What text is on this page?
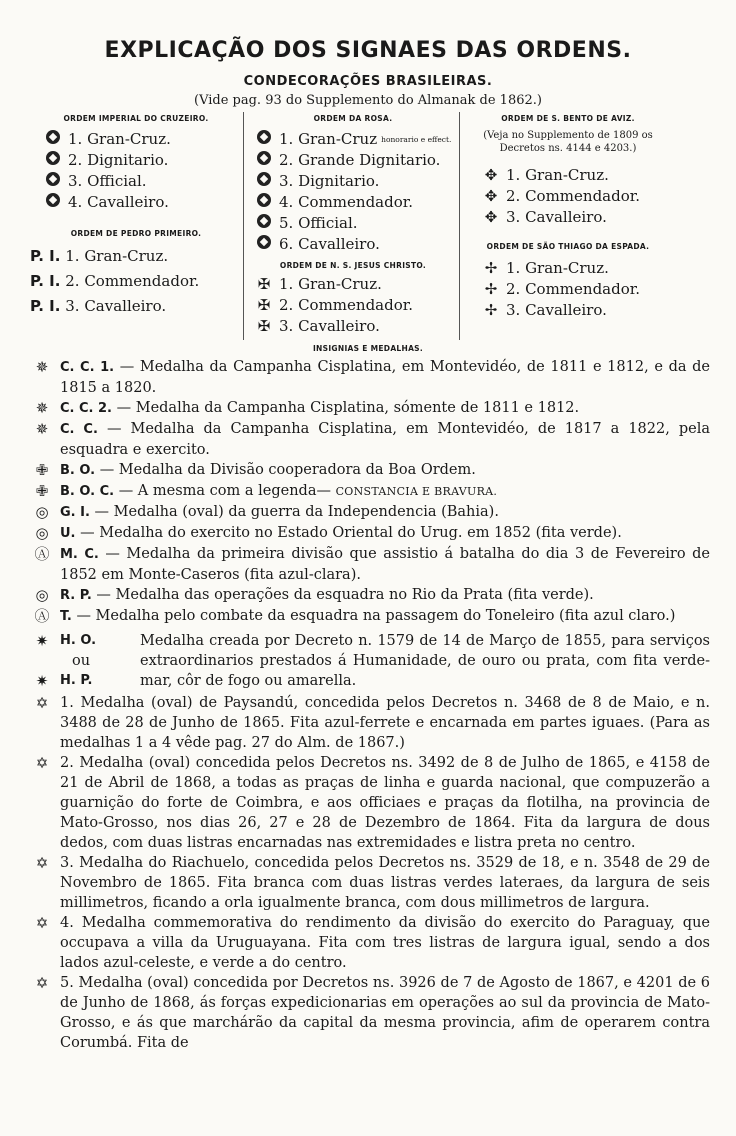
EXPLICAÇÃO DOS SIGNAES DAS ORDENS.
CONDECORAÇÕES BRASILEIRAS.
(Vide pag. 93 do Supplemento do Almanak de 1862.)
ORDEM IMPERIAL DO CRUZEIRO.
1. Gran-Cruz.
2. Dignitario.
3. Official.
4. Cavalleiro.
ORDEM DE PEDRO PRIMEIRO.
P. I. 1. Gran-Cruz.
P. I. 2. Commendador.
P. I. 3. Cavalleiro.
ORDEM DA ROSA.
1. Gran-Cruz honorario e effect.
2. Grande Dignitario.
3. Dignitario.
4. Commendador.
5. Official.
6. Cavalleiro.
ORDEM DE N. S. JESUS CHRISTO.
✠ 1. Gran-Cruz.
✠ 2. Commendador.
✠ 3. Cavalleiro.
ORDEM DE S. BENTO DE AVIZ.
(Veja no Supplemento de 1809 os Decretos ns. 4144 e 4203.)
✥ 1. Gran-Cruz.
✥ 2. Commendador.
✥ 3. Cavalleiro.
ORDEM DE SÃO THIAGO DA ESPADA.
✢ 1. Gran-Cruz.
✢ 2. Commendador.
✢ 3. Cavalleiro.
INSIGNIAS E MEDALHAS.
✵ C. C. 1. — Medalha da Campanha Cisplatina, em Montevidéo, de 1811 e 1812, e da de 1815 a 1820.
✵ C. C. 2. — Medalha da Campanha Cisplatina, sómente de 1811 e 1812.
✵ C. C. — Medalha da Campanha Cisplatina, em Montevidéo, de 1817 a 1822, pela esquadra e exercito.
✙ B. O. — Medalha da Divisão cooperadora da Boa Ordem.
✙ B. O. C. — A mesma com a legenda— CONSTANCIA E BRAVURA.
◎ G. I. — Medalha (oval) da guerra da Independencia (Bahia).
◎ U. — Medalha do exercito no Estado Oriental do Urug. em 1852 (fita verde).
Ⓐ M. C. — Medalha da primeira divisão que assistio á batalha do dia 3 de Fevereiro de 1852 em Monte-Caseros (fita azul-clara).
◎ R. P. — Medalha das operações da esquadra no Rio da Prata (fita verde).
Ⓐ T. — Medalha pelo combate da esquadra na passagem do Toneleiro (fita azul claro.)
✷
✷
H. O.
ou
H. P.
Medalha creada por Decreto n. 1579 de 14 de Março de 1855, para serviços extraordinarios prestados á Humanidade, de ouro ou prata, com fita verde-mar, côr de fogo ou amarella.
✡ 1. Medalha (oval) de Paysandú, concedida pelos Decretos n. 3468 de 8 de Maio, e n. 3488 de 28 de Junho de 1865. Fita azul-ferrete e encarnada em partes iguaes. (Para as medalhas 1 a 4 vêde pag. 27 do Alm. de 1867.)
✡ 2. Medalha (oval) concedida pelos Decretos ns. 3492 de 8 de Julho de 1865, e 4158 de 21 de Abril de 1868, a todas as praças de linha e guarda nacional, que compuzerão a guarnição do forte de Coimbra, e aos officiaes e praças da flotilha, na provincia de Mato-Grosso, nos dias 26, 27 e 28 de Dezembro de 1864. Fita da largura de dous dedos, com duas listras encarnadas nas extremidades e listra preta no centro.
✡ 3. Medalha do Riachuelo, concedida pelos Decretos ns. 3529 de 18, e n. 3548 de 29 de Novembro de 1865. Fita branca com duas listras verdes lateraes, da largura de seis millimetros, ficando a orla igualmente branca, com dous millimetros de largura.
✡ 4. Medalha commemorativa do rendimento da divisão do exercito do Paraguay, que occupava a villa da Uruguayana. Fita com tres listras de largura igual, sendo a dos lados azul-celeste, e verde a do centro.
✡ 5. Medalha (oval) concedida por Decretos ns. 3926 de 7 de Agosto de 1867, e 4201 de 6 de Junho de 1868, ás forças expedicionarias em operações ao sul da provincia de Mato-Grosso, e ás que marchárão da capital da mesma provincia, afim de operarem contra Corumbá. Fita de
